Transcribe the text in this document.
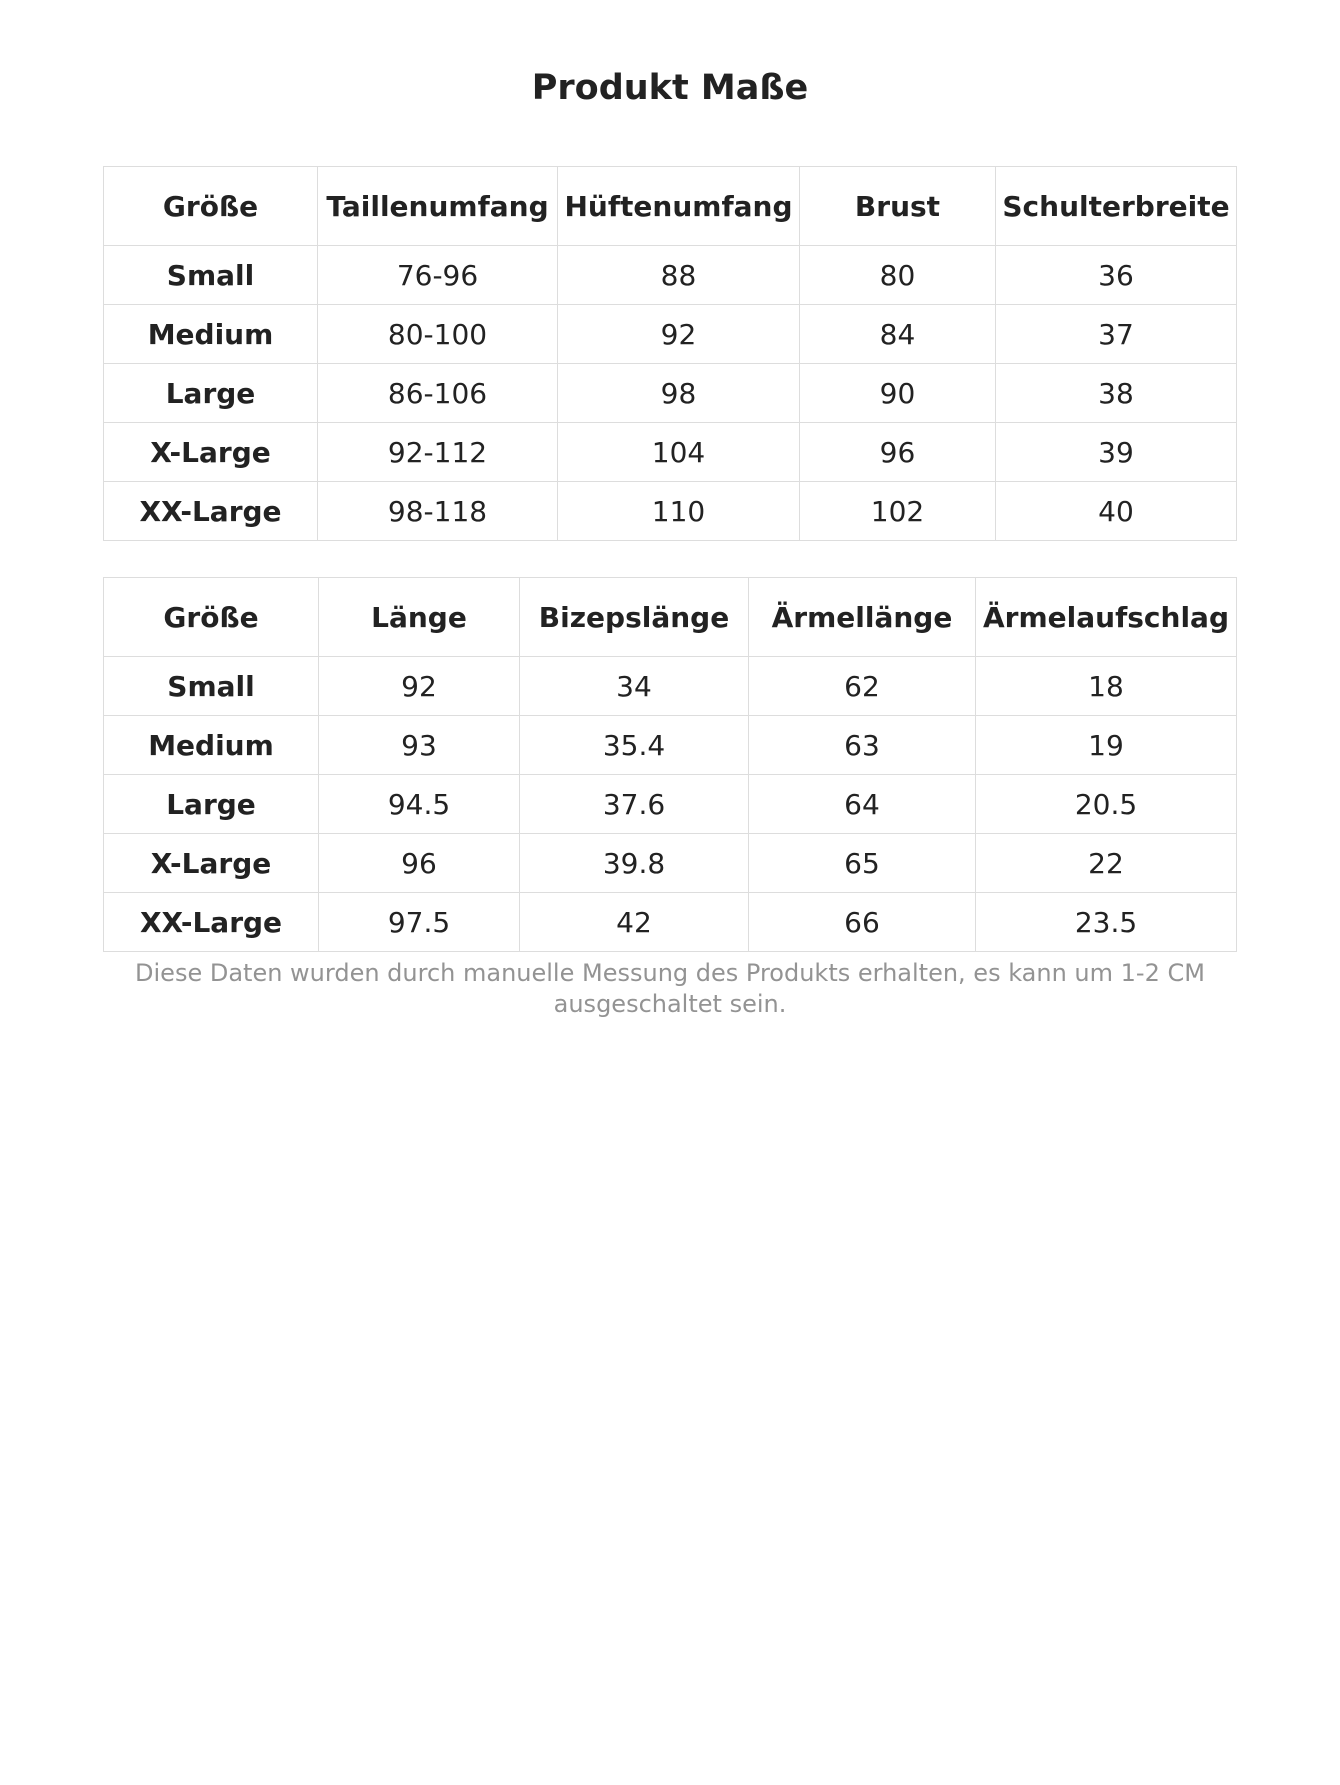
Produkt Maße
Größe	Taillenumfang	Hüftenumfang	Brust	Schulterbreite
Small	76-96	88	80	36
Medium	80-100	92	84	37
Large	86-106	98	90	38
X-Large	92-112	104	96	39
XX-Large	98-118	110	102	40
Größe	Länge	Bizepslänge	Ärmellänge	Ärmelaufschlag
Small	92	34	62	18
Medium	93	35.4	63	19
Large	94.5	37.6	64	20.5
X-Large	96	39.8	65	22
XX-Large	97.5	42	66	23.5

Diese Daten wurden durch manuelle Messung des Produkts erhalten, es kann um 1-2 CM
ausgeschaltet sein.
